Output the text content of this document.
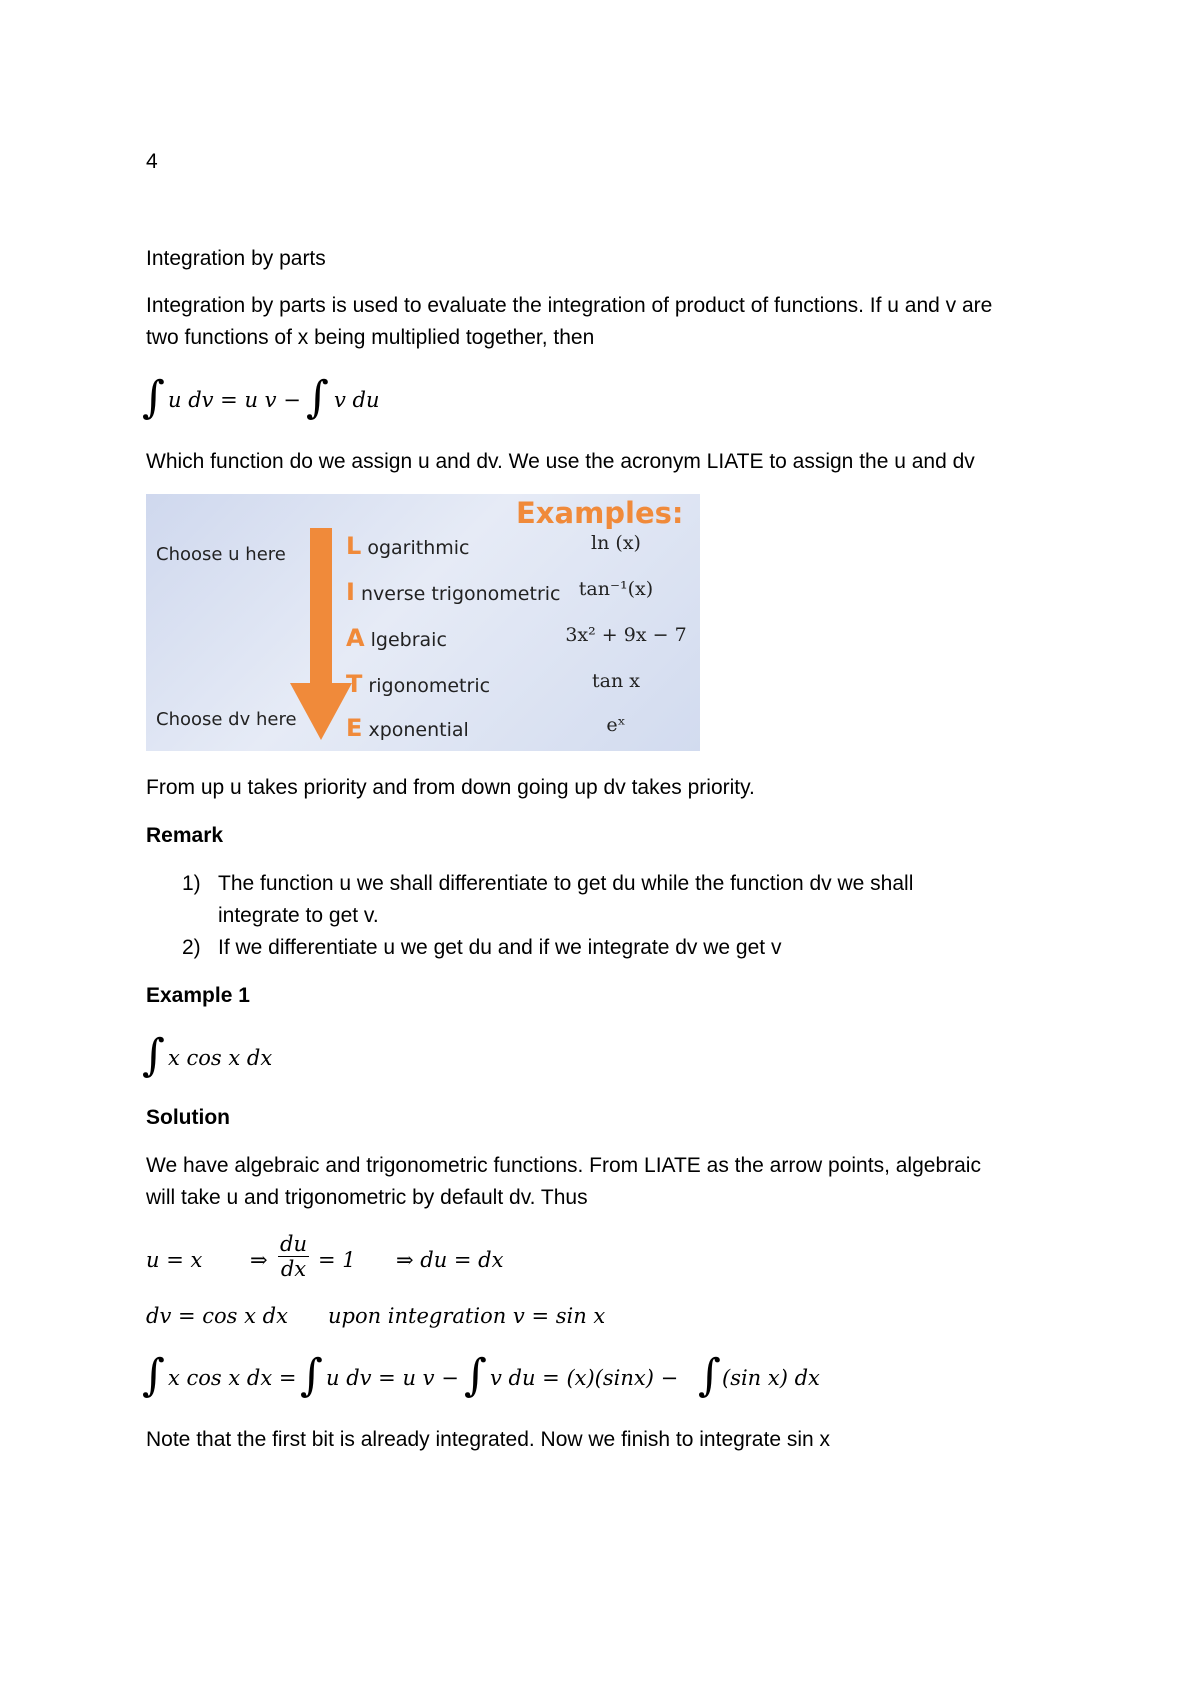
4

Integration by parts

Integration by parts is used to evaluate the integration of product of functions. If u and v are

two functions of x being multiplied together, then

∫ u dv = u v − ∫ v du

Which function do we assign u and dv. We use the acronym LIATE to assign the u and dv

Choose u here
Choose dv here
Examples:
L ogarithmic	ln (x)
I nverse trigonometric tan⁻¹(x)
A lgebraic	3x² + 9x − 7
T rigonometric	tan x
E xponential	eˣ

From up u takes priority and from down going up dv takes priority.

Remark

1) The function u we shall differentiate to get du while the function dv we shall
integrate to get v.
2) If we differentiate u we get du and if we integrate dv we get v

Example 1

∫ x cos x dx

Solution

We have algebraic and trigonometric functions. From LIATE as the arrow points, algebraic

will take u and trigonometric by default dv. Thus

u = x ⇒ $\frac{du}{dx} = 1$ ⇒ du = dx
dv = cos x dx upon integration v = sin x
∫ x cos x dx = ∫ u dv = u v − ∫ v du = (x)(sinx) − ∫ (sin x) dx

Note that the first bit is already integrated. Now we finish to integrate sin x
